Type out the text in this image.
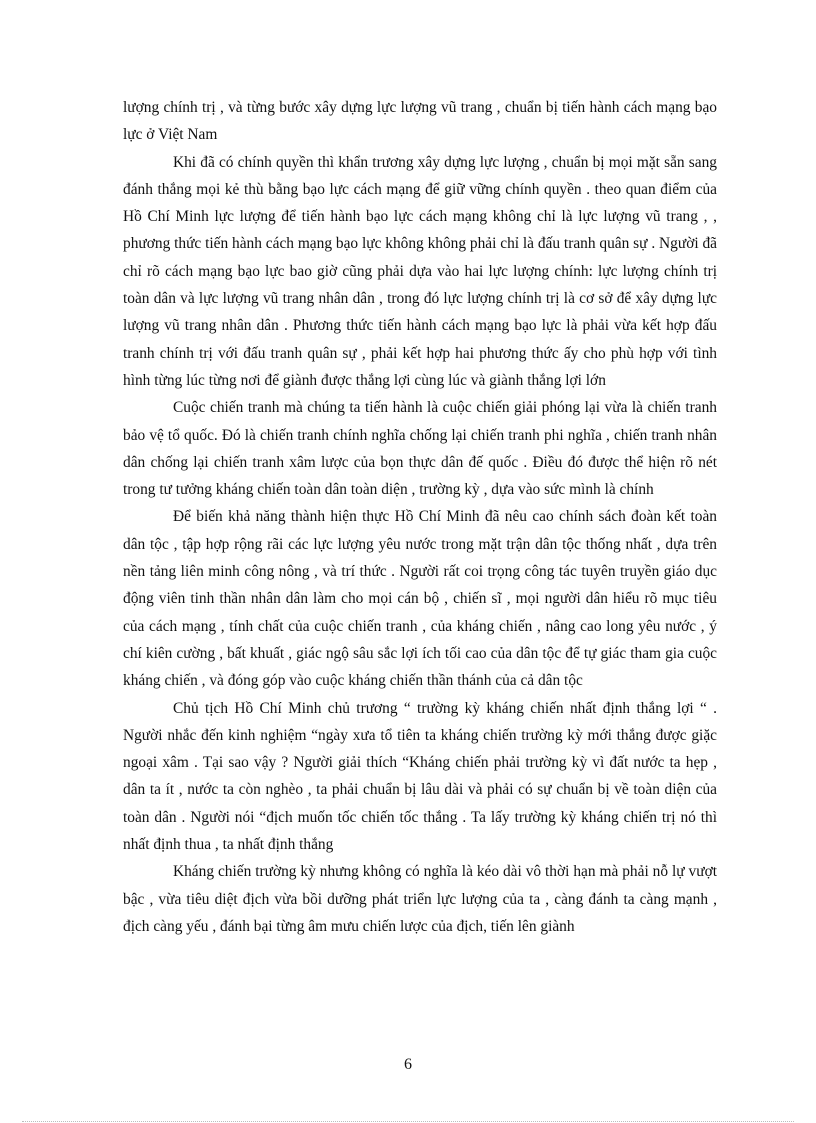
lượng chính trị , và từng bước xây dựng lực lượng vũ trang , chuẩn bị tiến hành cách mạng bạo lực ở Việt Nam

Khi đã có chính quyền thì khẩn trương xây dựng lực lượng , chuẩn bị mọi mặt sẵn sang đánh thắng mọi kẻ thù bằng bạo lực cách mạng để giữ vững chính quyền . theo quan điểm của Hồ Chí Minh lực lượng để tiến hành bạo lực cách mạng không chỉ là lực lượng vũ trang , , phương thức tiến hành cách mạng bạo lực không không phải chỉ là đấu tranh quân sự . Người đã chỉ rõ cách mạng bạo lực bao giờ cũng phải dựa vào hai lực lượng chính: lực lượng chính trị toàn dân và lực lượng vũ trang nhân dân , trong đó lực lượng chính trị là cơ sở để xây dựng lực lượng vũ trang nhân dân . Phương thức tiến hành cách mạng bạo lực là phải vừa kết hợp đấu tranh chính trị với đấu tranh quân sự , phải kết hợp hai phương thức ấy cho phù hợp với tình hình từng lúc từng nơi để giành được thắng lợi cùng lúc và giành thắng lợi lớn

Cuộc chiến tranh mà chúng ta tiến hành là cuộc chiến giải phóng lại vừa là chiến tranh bảo vệ tổ quốc. Đó là chiến tranh chính nghĩa chống lại chiến tranh phi nghĩa , chiến tranh nhân dân chống lại chiến tranh xâm lược của bọn thực dân đế quốc . Điều đó được thể hiện rõ nét trong tư tưởng kháng chiến toàn dân toàn diện , trường kỳ , dựa vào sức mình là chính

Để biến khả năng thành hiện thực Hồ Chí Minh đã nêu cao chính sách đoàn kết toàn dân tộc , tập hợp rộng rãi các lực lượng yêu nước trong mặt trận dân tộc thống nhất , dựa trên nền tảng liên minh công nông , và trí thức . Người rất coi trọng công tác tuyên truyền giáo dục động viên tinh thần nhân dân làm cho mọi cán bộ , chiến sĩ , mọi người dân hiểu rõ mục tiêu của cách mạng , tính chất của cuộc chiến tranh , của kháng chiến , nâng cao long yêu nước , ý chí kiên cường , bất khuất , giác ngộ sâu sắc lợi ích tối cao của dân tộc để tự giác tham gia cuộc kháng chiến , và đóng góp vào cuộc kháng chiến thần thánh của cả dân tộc

Chủ tịch Hồ Chí Minh chủ trương “ trường kỳ kháng chiến nhất định thắng lợi “ . Người nhắc đến kinh nghiệm “ngày xưa tổ tiên ta kháng chiến trường kỳ mới thắng được giặc ngoại xâm . Tại sao vậy ? Người giải thích “Kháng chiến phải trường kỳ vì đất nước ta hẹp , dân ta ít , nước ta còn nghèo , ta phải chuẩn bị lâu dài và phải có sự chuẩn bị về toàn diện của toàn dân . Người nói “địch muốn tốc chiến tốc thắng . Ta lấy trường kỳ kháng chiến trị nó thì nhất định thua , ta nhất định thắng

Kháng chiến trường kỳ nhưng không có nghĩa là kéo dài vô thời hạn mà phải nỗ lự vượt bậc , vừa tiêu diệt địch vừa bồi dưỡng phát triển lực lượng của ta , càng đánh ta càng mạnh , địch càng yếu , đánh bại từng âm mưu chiến lược của địch, tiến lên giành

6
